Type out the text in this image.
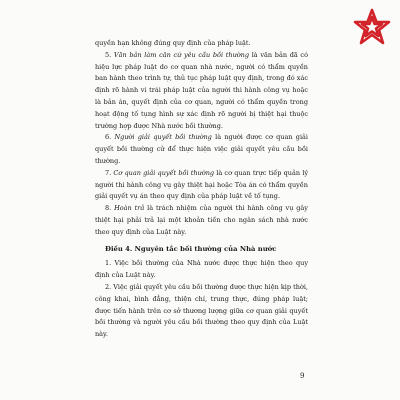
quyền hạn không đúng quy định của pháp luật.

5. Văn bản làm căn cứ yêu cầu bồi thường là văn bản đã có hiệu lực pháp luật do cơ quan nhà nước, người có thẩm quyền ban hành theo trình tự, thủ tục pháp luật quy định, trong đó xác định rõ hành vi trái pháp luật của người thi hành công vụ hoặc là bản án, quyết định của cơ quan, người có thẩm quyền trong hoạt động tố tụng hình sự xác định rõ người bị thiệt hại thuộc trường hợp được Nhà nước bồi thường.

6. Người giải quyết bồi thường là người được cơ quan giải quyết bồi thường cử để thực hiện việc giải quyết yêu cầu bồi thường.

7. Cơ quan giải quyết bồi thường là cơ quan trực tiếp quản lý người thi hành công vụ gây thiệt hại hoặc Tòa án có thẩm quyền giải quyết vụ án theo quy định của pháp luật về tố tụng.

8. Hoàn trả là trách nhiệm của người thi hành công vụ gây thiệt hại phải trả lại một khoản tiền cho ngân sách nhà nước theo quy định của Luật này.

Điều 4. Nguyên tắc bồi thường của Nhà nước

1. Việc bồi thường của Nhà nước được thực hiện theo quy định của Luật này.

2. Việc giải quyết yêu cầu bồi thường được thực hiện kịp thời, công khai, bình đẳng, thiện chí, trung thực, đúng pháp luật; được tiến hành trên cơ sở thương lượng giữa cơ quan giải quyết bồi thường và người yêu cầu bồi thường theo quy định của Luật này.

9
